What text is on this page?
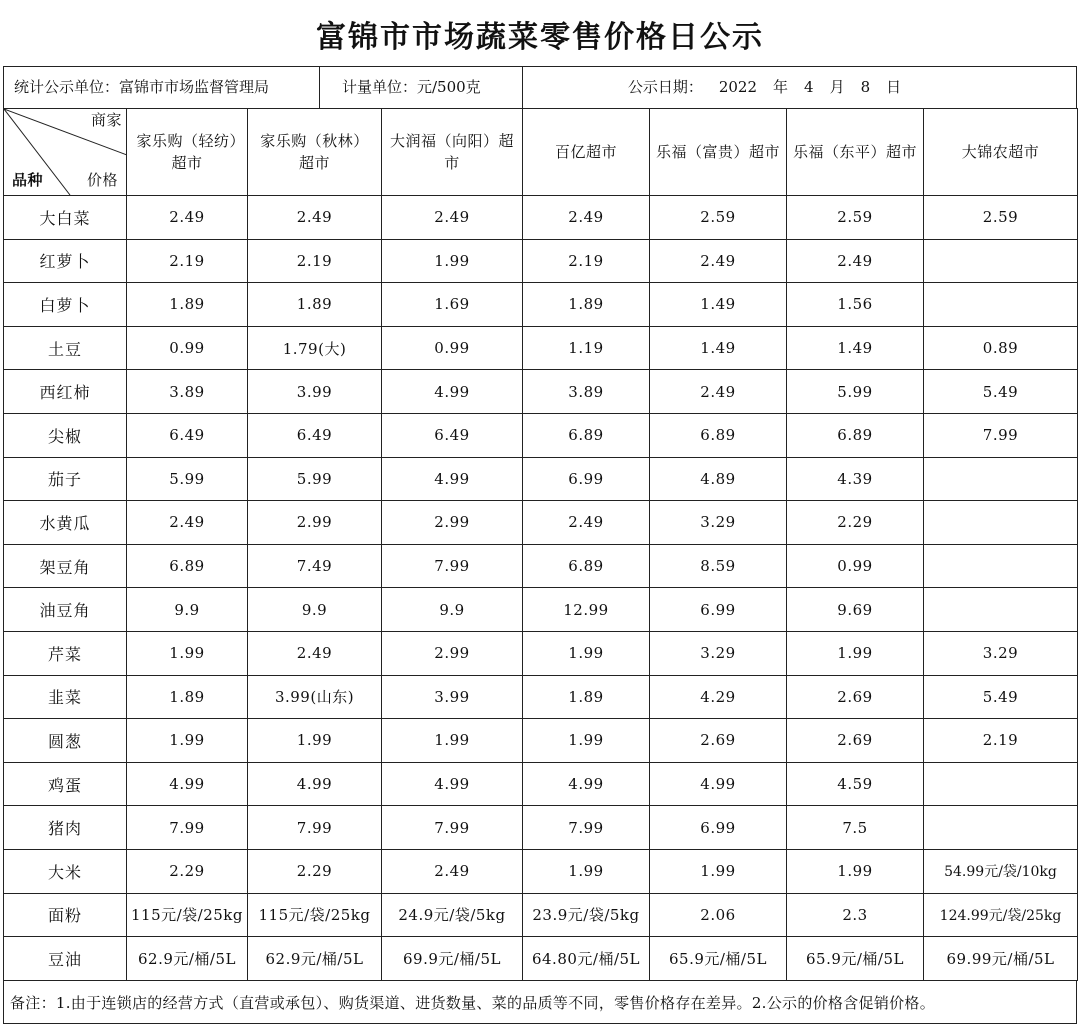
富锦市市场蔬菜零售价格日公示
统计公示单位：富锦市市场监督管理局	计量单位：元/500克	公示日期： 2022 年 4 月 8 日
商家
品种 价格	家乐购（轻纺）超市	家乐购（秋林）超市	大润福（向阳）超市	百亿超市	乐福（富贵）超市	乐福（东平）超市	大锦农超市
大白菜	2.49	2.49	2.49	2.49	2.59	2.59	2.59
红萝卜	2.19	2.19	1.99	2.19	2.49	2.49	
白萝卜	1.89	1.89	1.69	1.89	1.49	1.56	
土豆	0.99	1.79(大)	0.99	1.19	1.49	1.49	0.89
西红柿	3.89	3.99	4.99	3.89	2.49	5.99	5.49
尖椒	6.49	6.49	6.49	6.89	6.89	6.89	7.99
茄子	5.99	5.99	4.99	6.99	4.89	4.39	
水黄瓜	2.49	2.99	2.99	2.49	3.29	2.29	
架豆角	6.89	7.49	7.99	6.89	8.59	0.99	
油豆角	9.9	9.9	9.9	12.99	6.99	9.69	
芹菜	1.99	2.49	2.99	1.99	3.29	1.99	3.29
韭菜	1.89	3.99(山东)	3.99	1.89	4.29	2.69	5.49
圆葱	1.99	1.99	1.99	1.99	2.69	2.69	2.19
鸡蛋	4.99	4.99	4.99	4.99	4.99	4.59	
猪肉	7.99	7.99	7.99	7.99	6.99	7.5	
大米	2.29	2.29	2.49	1.99	1.99	1.99	54.99元/袋/10kg
面粉	115元/袋/25kg	115元/袋/25kg	24.9元/袋/5kg	23.9元/袋/5kg	2.06	2.3	124.99元/袋/25kg
豆油	62.9元/桶/5L	62.9元/桶/5L	69.9元/桶/5L	64.80元/桶/5L	65.9元/桶/5L	65.9元/桶/5L	69.99元/桶/5L
备注：1.由于连锁店的经营方式（直营或承包）、购货渠道、进货数量、菜的品质等不同，零售价格存在差异。2.公示的价格含促销价格。
